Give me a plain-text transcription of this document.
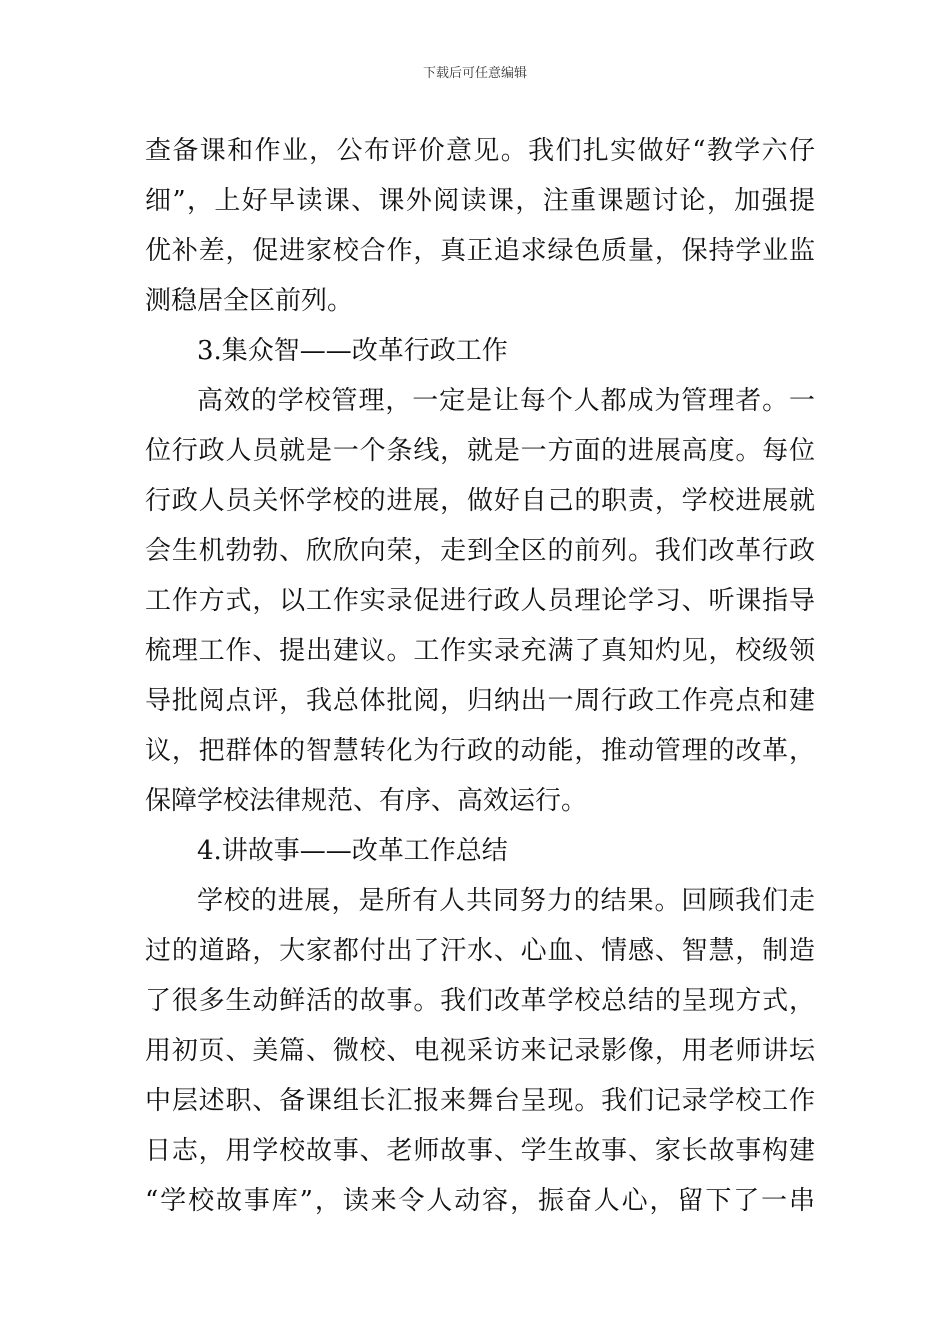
下载后可任意编辑
查备课和作业，公布评价意见。我们扎实做好“教学六仔
细”，上好早读课、课外阅读课，注重课题讨论，加强提
优补差，促进家校合作，真正追求绿色质量，保持学业监
测稳居全区前列。
3.集众智——改革行政工作
高效的学校管理，一定是让每个人都成为管理者。一
位行政人员就是一个条线，就是一方面的进展高度。每位
行政人员关怀学校的进展，做好自己的职责，学校进展就
会生机勃勃、欣欣向荣，走到全区的前列。我们改革行政
工作方式，以工作实录促进行政人员理论学习、听课指导
梳理工作、提出建议。工作实录充满了真知灼见，校级领
导批阅点评，我总体批阅，归纳出一周行政工作亮点和建
议，把群体的智慧转化为行政的动能，推动管理的改革，
保障学校法律规范、有序、高效运行。
4.讲故事——改革工作总结
学校的进展，是所有人共同努力的结果。回顾我们走
过的道路，大家都付出了汗水、心血、情感、智慧，制造
了很多生动鲜活的故事。我们改革学校总结的呈现方式，
用初页、美篇、微校、电视采访来记录影像，用老师讲坛
中层述职、备课组长汇报来舞台呈现。我们记录学校工作
日志，用学校故事、老师故事、学生故事、家长故事构建
“学校故事库”，读来令人动容，振奋人心，留下了一串
